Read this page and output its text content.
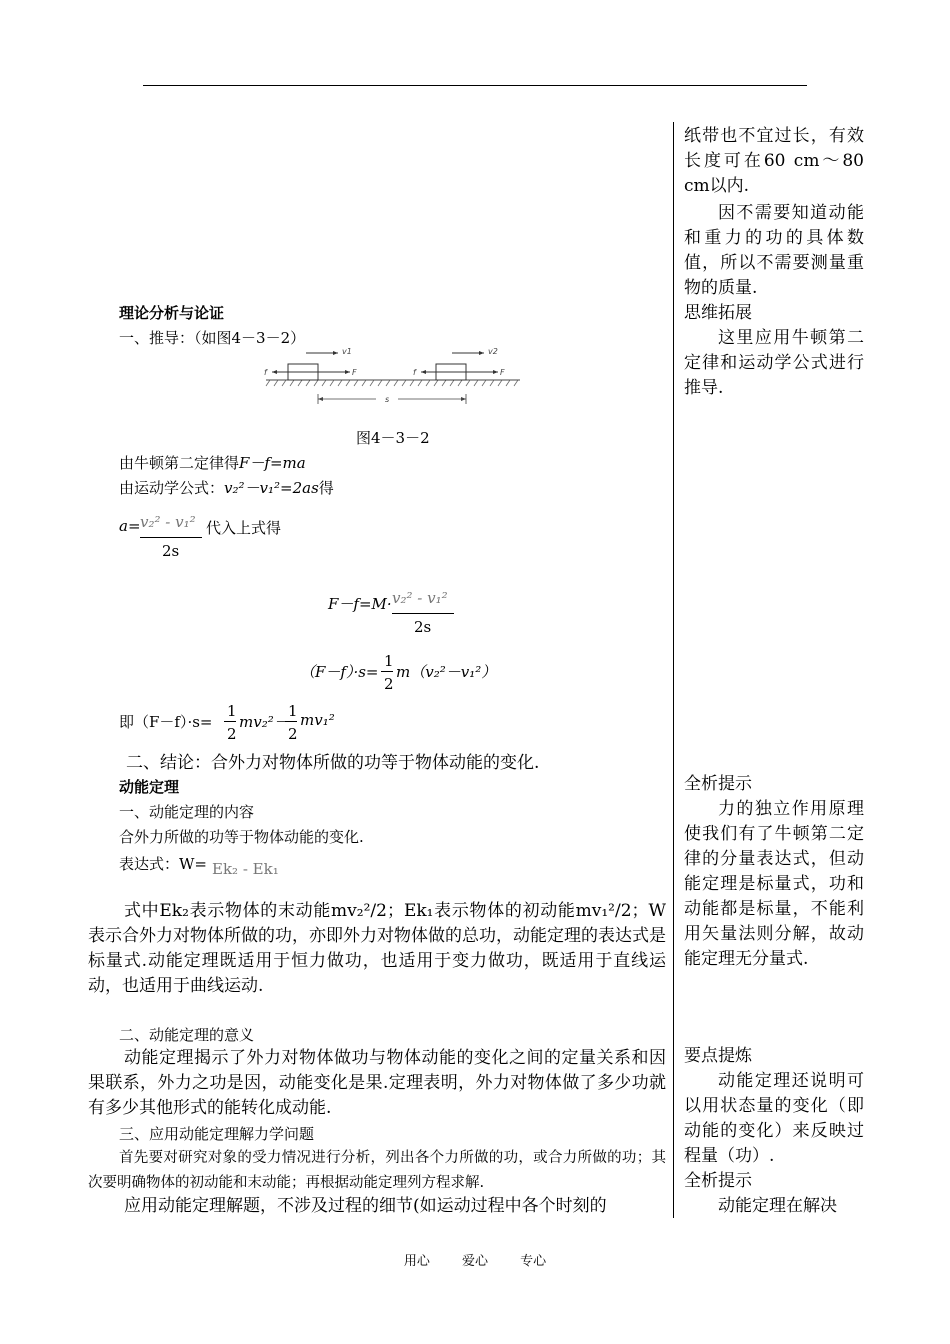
纸带也不宜过长，有效长度可在60 cm～80 cm以内.

因不需要知道动能和重力的功的具体数值，所以不需要测量重物的质量.

思维拓展

这里应用牛顿第二定律和运动学公式进行推导.

全析提示

力的独立作用原理使我们有了牛顿第二定律的分量表达式，但动能定理是标量式，功和动能都是标量，不能利用矢量法则分解，故动能定理无分量式.

要点提炼

动能定理还说明可以用状态量的变化（即动能的变化）来反映过程量（功）.

全析提示

动能定理在解决

理论分析与论证
一、推导：（如图4－3－2）
v1	v2
f	F	f	F
s
图4－3－2
由牛顿第二定律得F－f=ma
由运动学公式：v₂²－v₁²=2as得
a= v₂² - v₁²
2s
代入上式得
F－f=M· v₂² - v₁²
2s
（F－f）·s=
1
2
m（v₂²－v₁²）
即（F－f）·s=
1
2
mv₂²－
1
2
mv₁²
二、结论：合外力对物体所做的功等于物体动能的变化.
动能定理
一、动能定理的内容
合外力所做的功等于物体动能的变化.
表达式：W= Ek₂ - Ek₁
式中Ek₂表示物体的末动能mv₂²/2；Ek₁表示物体的初动能mv₁²/2；W表示合外力对物体所做的功，亦即外力对物体做的总功，动能定理的表达式是标量式.动能定理既适用于恒力做功，也适用于变力做功，既适用于直线运动，也适用于曲线运动.
二、动能定理的意义
动能定理揭示了外力对物体做功与物体动能的变化之间的定量关系和因果联系，外力之功是因，动能变化是果.定理表明，外力对物体做了多少功就有多少其他形式的能转化成动能.
三、应用动能定理解力学问题
首先要对研究对象的受力情况进行分析，列出各个力所做的功，或合力所做的功；其次要明确物体的初动能和末动能；再根据动能定理列方程求解.
应用动能定理解题，不涉及过程的细节(如运动过程中各个时刻的
用心 爱心 专心
